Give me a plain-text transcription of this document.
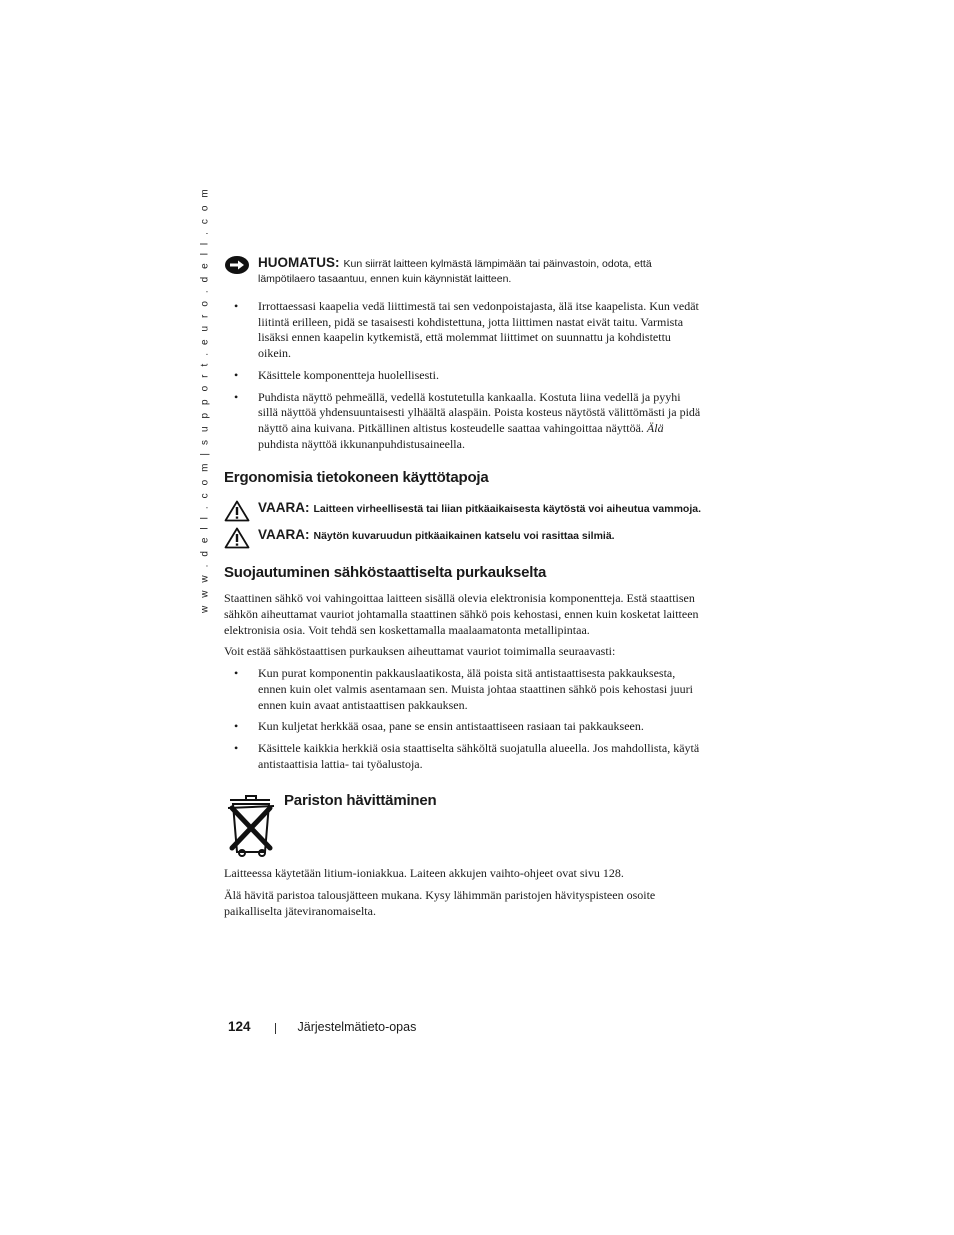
w w w . d e l l . c o m | s u p p o r t . e u r o . d e l l . c o m	HUOMATUS: Kun siirrät laitteen kylmästä lämpimään tai päinvastoin, odota, että lämpötilaero tasaantuu, ennen kuin käynnistät laitteen.
• Irrottaessasi kaapelia vedä liittimestä tai sen vedonpoistajasta, älä itse kaapelista. Kun vedät liitintä erilleen, pidä se tasaisesti kohdistettuna, jotta liittimen nastat eivät taitu. Varmista lisäksi ennen kaapelin kytkemistä, että molemmat liittimet on suunnattu ja kohdistettu oikein.
• Käsittele komponentteja huolellisesti.
• Puhdista näyttö pehmeällä, vedellä kostutetulla kankaalla. Kostuta liina vedellä ja pyyhi sillä näyttöä yhdensuuntaisesti ylhäältä alaspäin. Poista kosteus näytöstä välittömästi ja pidä näyttö aina kuivana. Pitkällinen altistus kosteudelle saattaa vahingoittaa näyttöä. Älä puhdista näyttöä ikkunanpuhdistusaineella.
Ergonomisia tietokoneen käyttötapoja
VAARA: Laitteen virheellisestä tai liian pitkäaikaisesta käytöstä voi aiheutua vammoja.
VAARA: Näytön kuvaruudun pitkäaikainen katselu voi rasittaa silmiä.
Suojautuminen sähköstaattiselta purkaukselta

Staattinen sähkö voi vahingoittaa laitteen sisällä olevia elektronisia komponentteja. Estä staattisen sähkön aiheuttamat vauriot johtamalla staattinen sähkö pois kehostasi, ennen kuin kosketat laitteen elektronisia osia. Voit tehdä sen koskettamalla maalaamatonta metallipintaa.

Voit estää sähköstaattisen purkauksen aiheuttamat vauriot toimimalla seuraavasti:

• Kun purat komponentin pakkauslaatikosta, älä poista sitä antistaattisesta pakkauksesta, ennen kuin olet valmis asentamaan sen. Muista johtaa staattinen sähkö pois kehostasi juuri ennen kuin avaat antistaattisen pakkauksen.
• Kun kuljetat herkkää osaa, pane se ensin antistaattiseen rasiaan tai pakkaukseen.
• Käsittele kaikkia herkkiä osia staattiselta sähköltä suojatulla alueella. Jos mahdollista, käytä antistaattisia lattia- tai työalustoja.
Pariston hävittäminen

Laitteessa käytetään litium-ioniakkua. Laiteen akkujen vaihto-ohjeet ovat sivu 128.

Älä hävitä paristoa talousjätteen mukana. Kysy lähimmän paristojen hävityspisteen osoite paikalliselta jäteviranomaiselta.

124	Järjestelmätieto-opas
